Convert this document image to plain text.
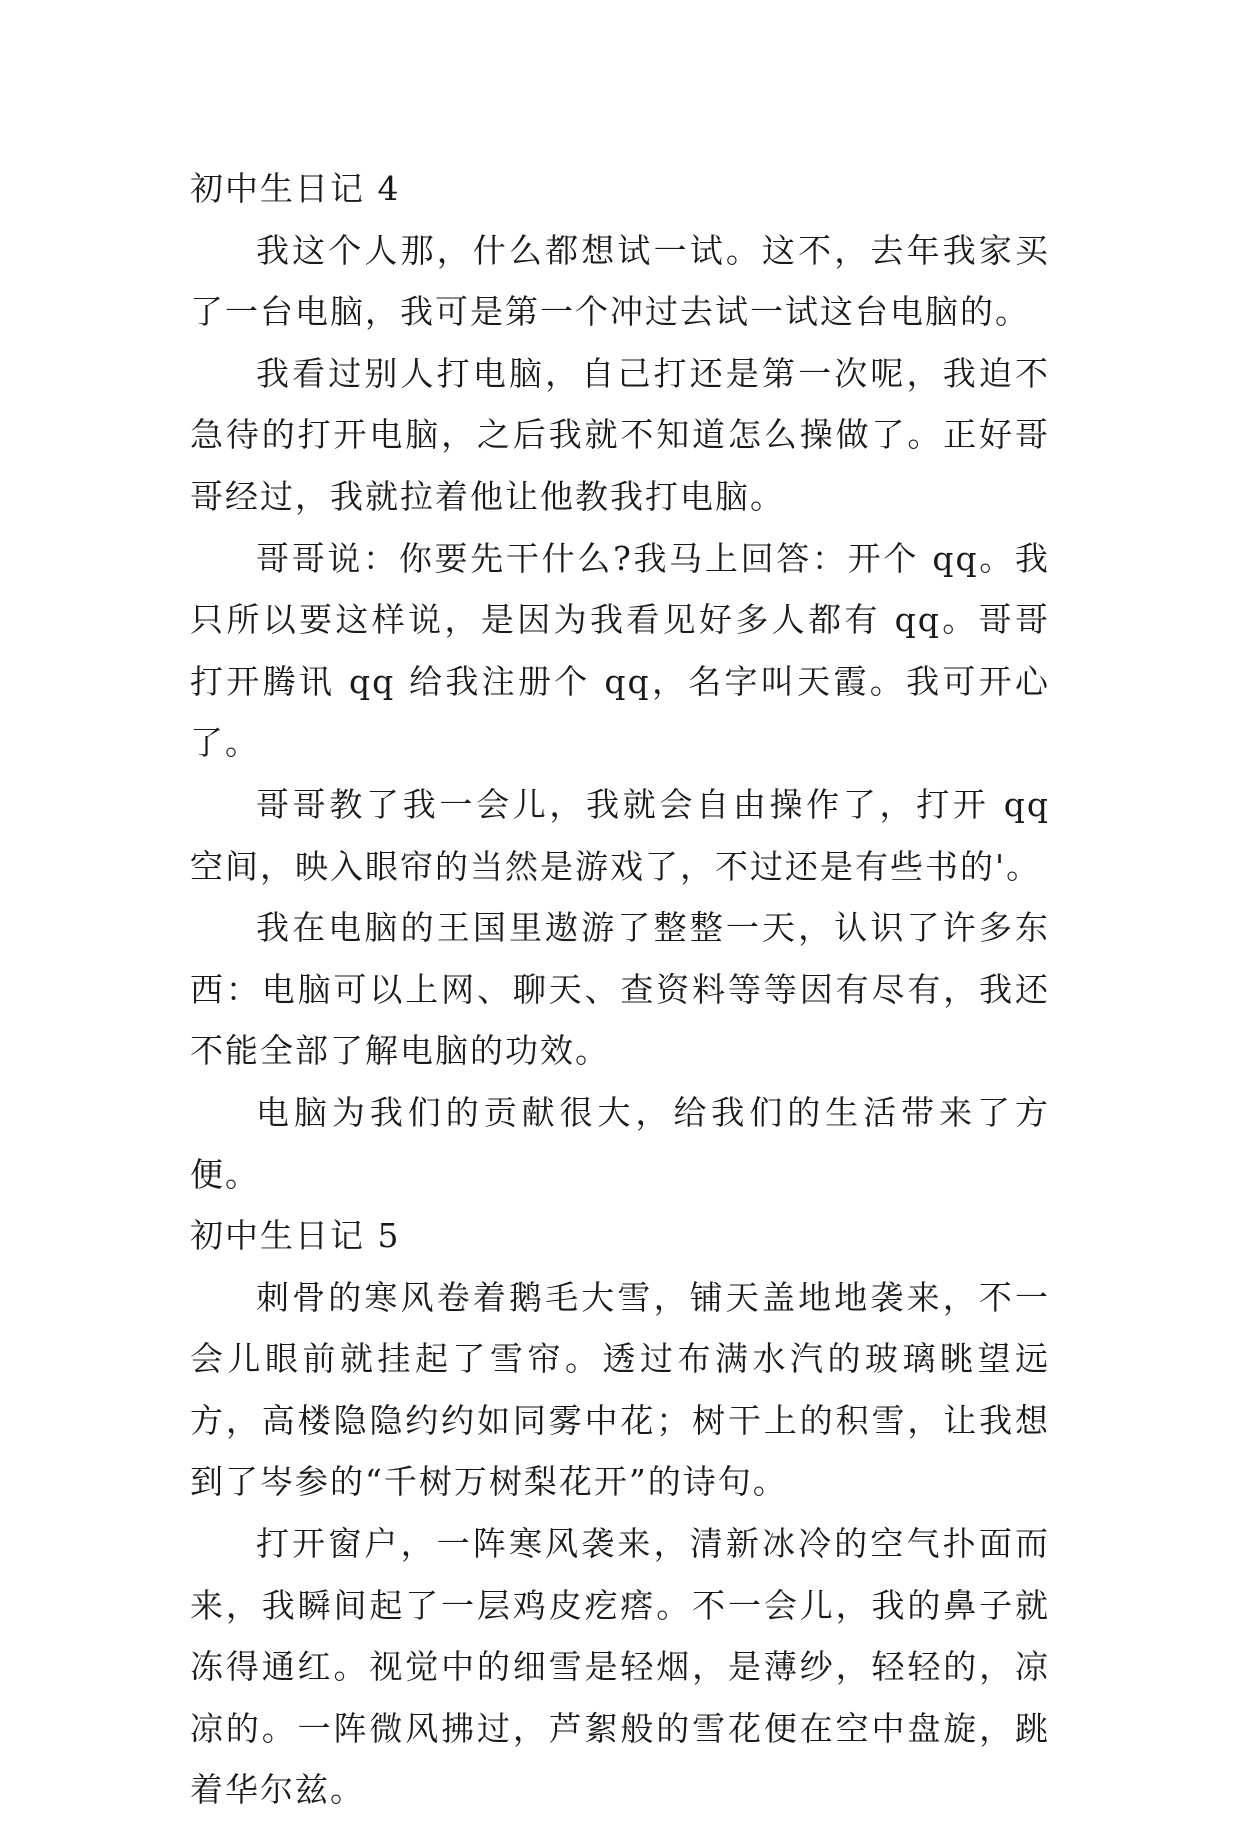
初中生日记 4

我这个人那，什么都想试一试。这不，去年我家买了一台电脑，我可是第一个冲过去试一试这台电脑的。

我看过别人打电脑，自己打还是第一次呢，我迫不急待的打开电脑，之后我就不知道怎么操做了。正好哥哥经过，我就拉着他让他教我打电脑。

哥哥说：你要先干什么?我马上回答：开个 qq。我只所以要这样说，是因为我看见好多人都有 qq。哥哥打开腾讯 qq 给我注册个 qq，名字叫天霞。我可开心了。

哥哥教了我一会儿，我就会自由操作了，打开 qq 空间，映入眼帘的当然是游戏了，不过还是有些书的'。

我在电脑的王国里遨游了整整一天，认识了许多东西：电脑可以上网、聊天、查资料等等因有尽有，我还不能全部了解电脑的功效。

电脑为我们的贡献很大，给我们的生活带来了方便。

初中生日记 5

刺骨的寒风卷着鹅毛大雪，铺天盖地地袭来，不一会儿眼前就挂起了雪帘。透过布满水汽的玻璃眺望远方，高楼隐隐约约如同雾中花；树干上的积雪，让我想到了岑参的“千树万树梨花开”的诗句。

打开窗户，一阵寒风袭来，清新冰冷的空气扑面而来，我瞬间起了一层鸡皮疙瘩。不一会儿，我的鼻子就冻得通红。视觉中的细雪是轻烟，是薄纱，轻轻的，凉凉的。一阵微风拂过，芦絮般的雪花便在空中盘旋，跳着华尔兹。
